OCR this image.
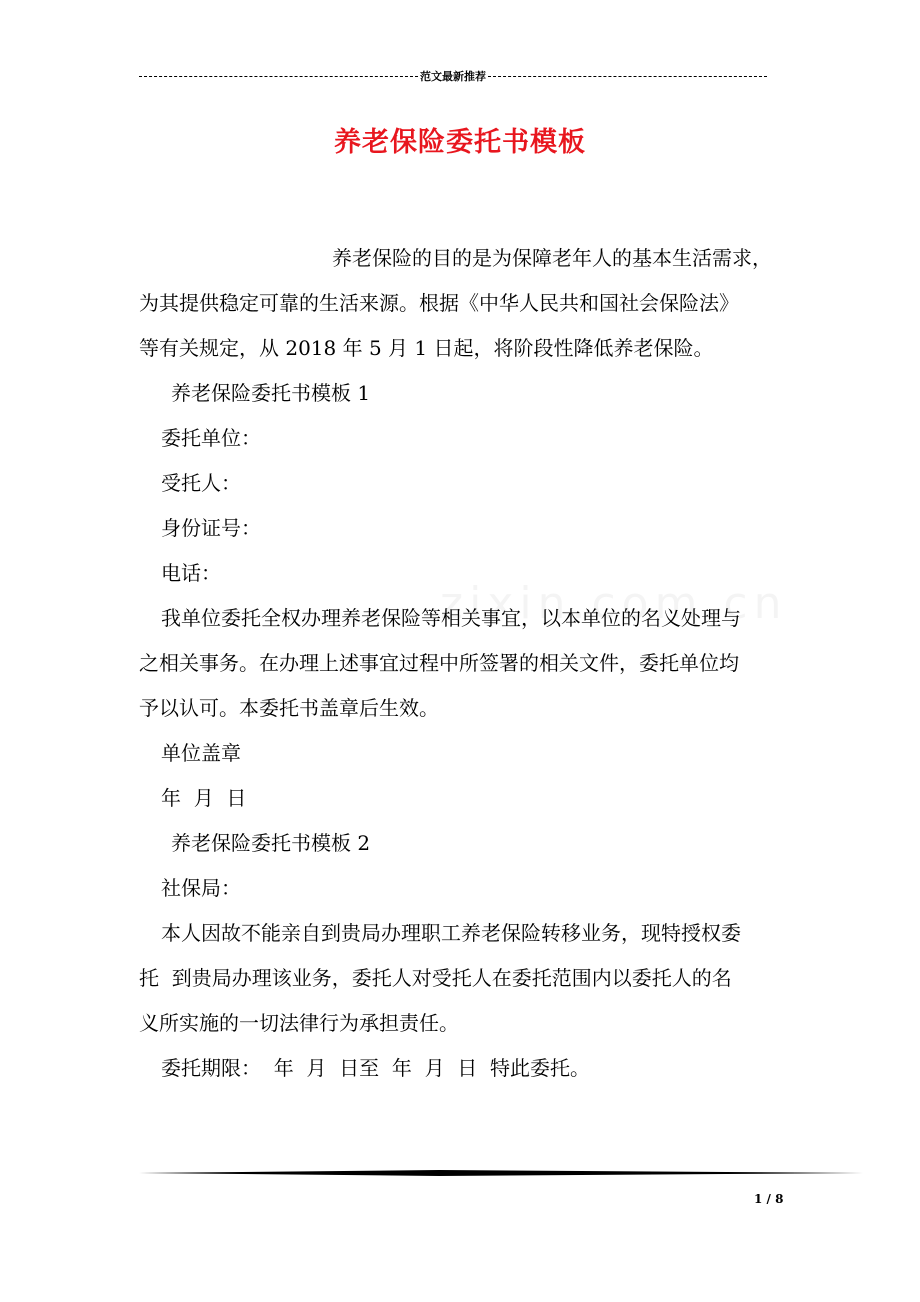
范文最新推荐
养老保险委托书模板

养老保险的目的是为保障老年人的基本生活需求，

为其提供稳定可靠的生活来源。根据《中华人民共和国社会保险法》

等有关规定，从 2018 年 5 月 1 日起，将阶段性降低养老保险。

养老保险委托书模板 1

委托单位：

受托人：

身份证号：

电话：

我单位委托全权办理养老保险等相关事宜，以本单位的名义处理与

之相关事务。在办理上述事宜过程中所签署的相关文件，委托单位均

予以认可。本委托书盖章后生效。

单位盖章

年  月  日

养老保险委托书模板 2

社保局：

本人因故不能亲自到贵局办理职工养老保险转移业务，现特授权委

托  到贵局办理该业务，委托人对受托人在委托范围内以委托人的名

义所实施的一切法律行为承担责任。

委托期限：  年  月  日至  年  月  日  特此委托。

1 / 8
